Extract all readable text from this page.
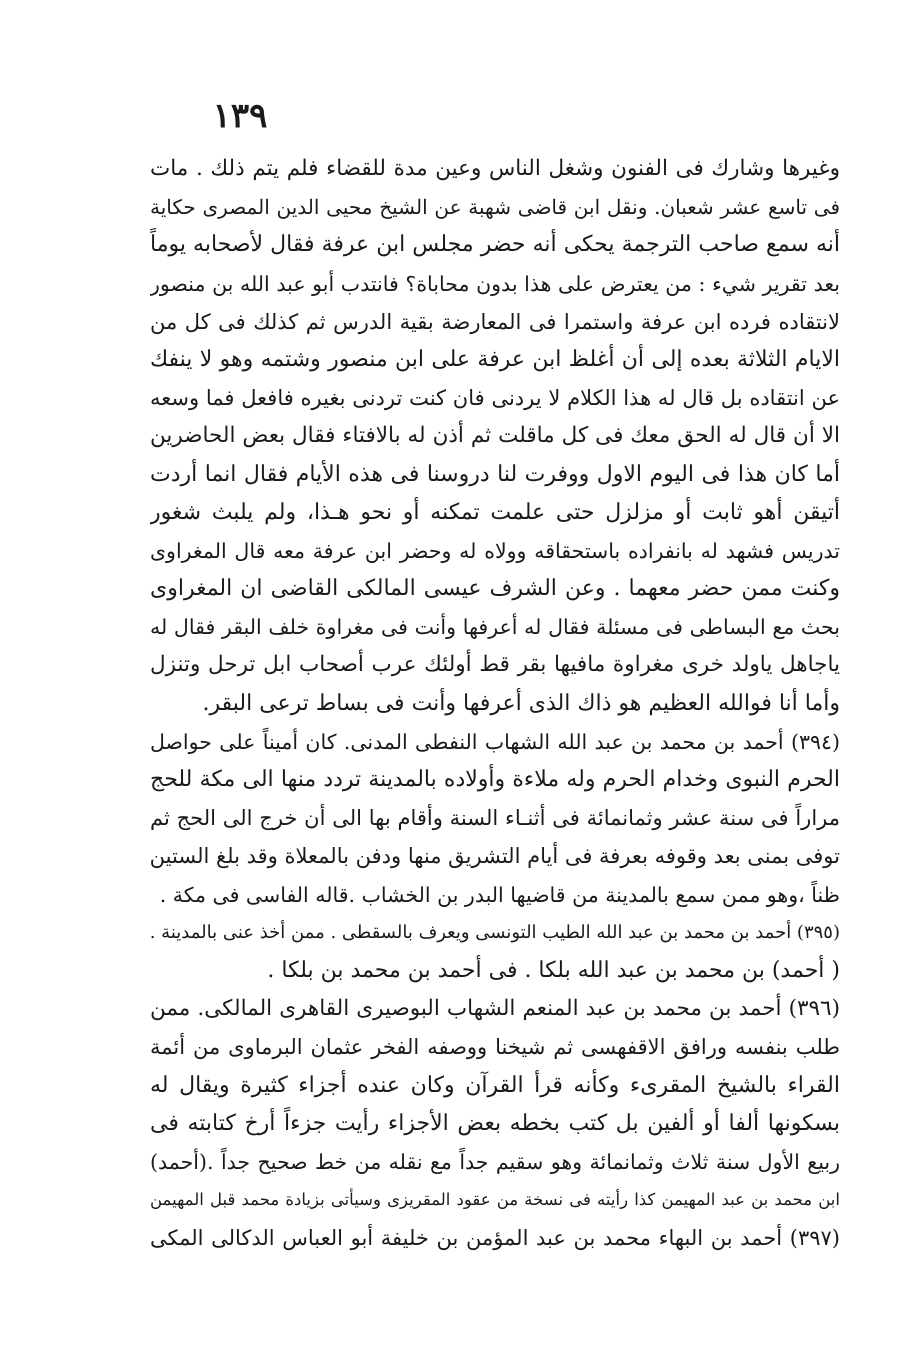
١٣٩
وغيرها وشارك فى الفنون وشغل الناس وعين مدة للقضاء فلم يتم ذلك . مات
فى تاسع عشر شعبان. ونقل ابن قاضى شهبة عن الشيخ محيى الدين المصرى حكاية
أنه سمع صاحب الترجمة يحكى أنه حضر مجلس ابن عرفة فقال لأصحابه يوماً
بعد تقرير شيء : من يعترض على هذا بدون محاباة؟ فانتدب أبو عبد الله بن منصور
لانتقاده فرده ابن عرفة واستمرا فى المعارضة بقية الدرس ثم كذلك فى كل من
الايام الثلاثة بعده إلى أن أغلظ ابن عرفة على ابن منصور وشتمه وهو لا ينفك
عن انتقاده بل قال له هذا الكلام لا يردنى فان كنت تردنى بغيره فافعل فما وسعه
الا أن قال له الحق معك فى كل ماقلت ثم أذن له بالافتاء فقال بعض الحاضرين
أما كان هذا فى اليوم الاول ووفرت لنا دروسنا فى هذه الأيام فقال انما أردت
أتيقن أهو ثابت أو مزلزل حتى علمت تمكنه أو نحو هـذا، ولم يلبث شغور
تدريس فشهد له بانفراده باستحقاقه وولاه له وحضر ابن عرفة معه قال المغراوى
وكنت ممن حضر معهما . وعن الشرف عيسى المالكى القاضى ان المغراوى
بحث مع البساطى فى مسئلة فقال له أعرفها وأنت فى مغراوة خلف البقر فقال له
ياجاهل ياولد خرى مغراوة مافيها بقر قط أولئك عرب أصحاب ابل ترحل وتنزل
وأما أنا فوالله العظيم هو ذاك الذى أعرفها وأنت فى بساط ترعى البقر.
(٣٩٤) أحمد بن محمد بن عبد الله الشهاب النفطى المدنى. كان أميناً على حواصل
الحرم النبوى وخدام الحرم وله ملاءة وأولاده بالمدينة تردد منها الى مكة للحج
مراراً فى سنة عشر وثمانمائة فى أثنـاء السنة وأقام بها الى أن خرج الى الحج ثم
توفى بمنى بعد وقوفه بعرفة فى أيام التشريق منها ودفن بالمعلاة وقد بلغ الستين
ظناً ،وهو ممن سمع بالمدينة من قاضيها البدر بن الخشاب .قاله الفاسى فى مكة .
(٣٩٥) أحمد بن محمد بن عبد الله الطيب التونسى ويعرف بالسقطى . ممن أخذ عنى بالمدينة .
( أحمد) بن محمد بن عبد الله بلكا . فى أحمد بن محمد بن بلكا .
(٣٩٦) أحمد بن محمد بن عبد المنعم الشهاب البوصيرى القاهرى المالكى. ممن
طلب بنفسه ورافق الاقفهسى ثم شيخنا ووصفه الفخر عثمان البرماوى من أئمة
القراء بالشيخ المقرىء وكأنه قرأ القرآن وكان عنده أجزاء كثيرة ويقال له
بسكونها ألفا أو ألفين بل كتب بخطه بعض الأجزاء رأيت جزءاً أرخ كتابته فى
ربيع الأول سنة ثلاث وثمانمائة وهو سقيم جداً مع نقله من خط صحيح جداً .(أحمد)
ابن محمد بن عبد المهيمن كذا رأيته فى نسخة من عقود المقريزى وسيأتى بزيادة محمد قبل المهيمن
(٣٩٧) أحمد بن البهاء محمد بن عبد المؤمن بن خليفة أبو العباس الدكالى المكى
